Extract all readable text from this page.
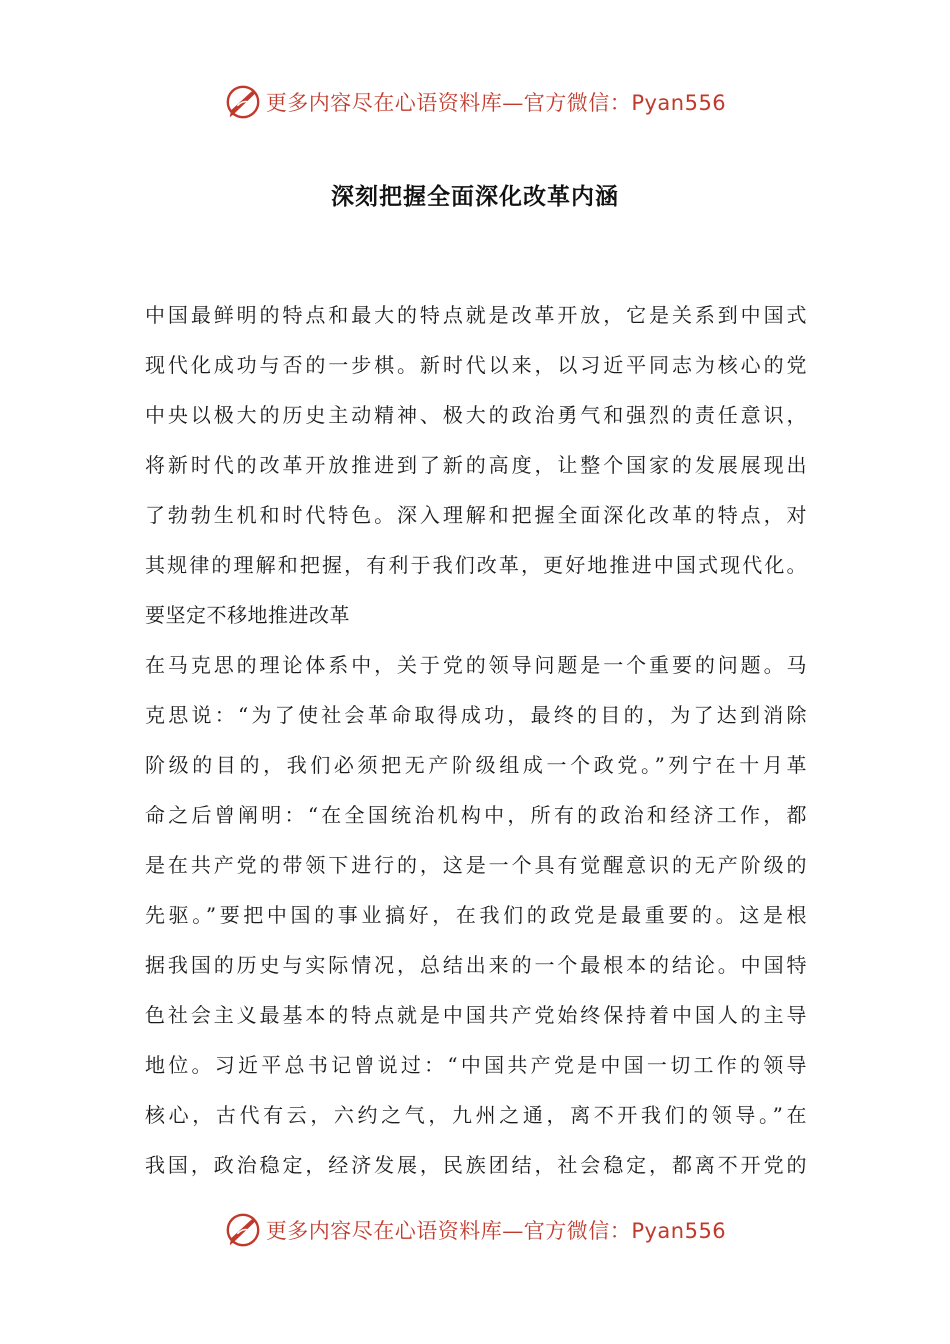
更多内容尽在心语资料库—官方微信：Pyan556
深刻把握全面深化改革内涵
中国最鲜明的特点和最大的特点就是改革开放，它是关系到中国式
现代化成功与否的一步棋。新时代以来，以习近平同志为核心的党
中央以极大的历史主动精神、极大的政治勇气和强烈的责任意识，
将新时代的改革开放推进到了新的高度，让整个国家的发展展现出
了勃勃生机和时代特色。深入理解和把握全面深化改革的特点，对
其规律的理解和把握，有利于我们改革，更好地推进中国式现代化。
要坚定不移地推进改革
在马克思的理论体系中，关于党的领导问题是一个重要的问题。马
克思说：“为了使社会革命取得成功，最终的目的，为了达到消除
阶级的目的，我们必须把无产阶级组成一个政党。”列宁在十月革
命之后曾阐明：“在全国统治机构中，所有的政治和经济工作，都
是在共产党的带领下进行的，这是一个具有觉醒意识的无产阶级的
先驱。”要把中国的事业搞好，在我们的政党是最重要的。这是根
据我国的历史与实际情况，总结出来的一个最根本的结论。中国特
色社会主义最基本的特点就是中国共产党始终保持着中国人的主导
地位。习近平总书记曾说过：“中国共产党是中国一切工作的领导
核心，古代有云，六约之气，九州之通，离不开我们的领导。”在
我国，政治稳定，经济发展，民族团结，社会稳定，都离不开党的
更多内容尽在心语资料库—官方微信：Pyan556
